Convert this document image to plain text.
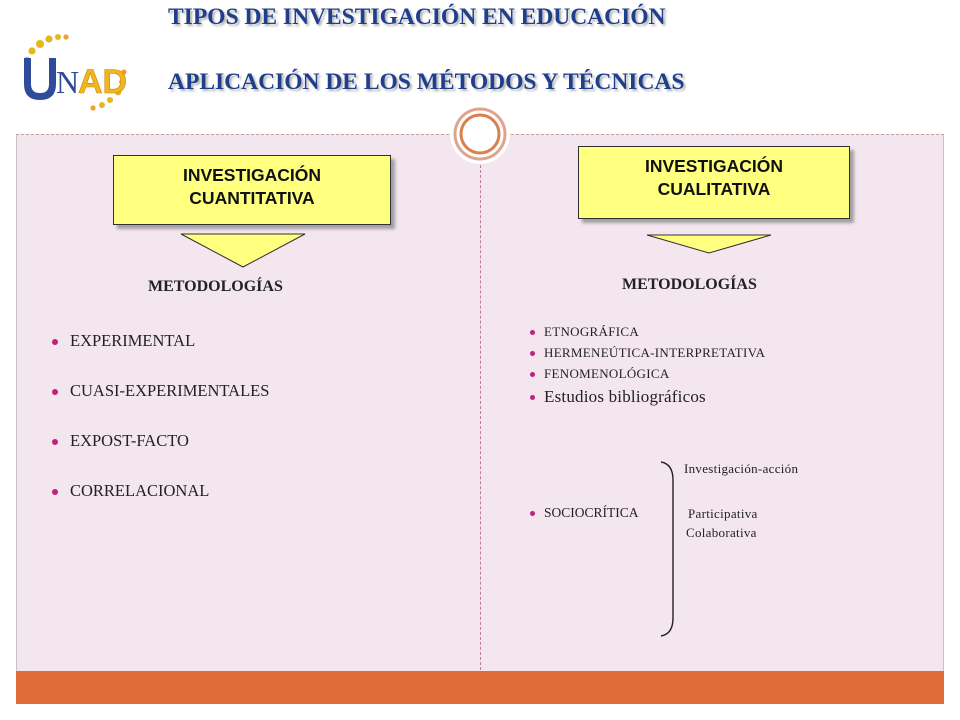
N
AD
TIPOS DE INVESTIGACIÓN EN EDUCACIÓN
APLICACIÓN DE LOS MÉTODOS Y TÉCNICAS
INVESTIGACIÓN
CUANTITATIVA
METODOLOGÍAS
EXPERIMENTAL
CUASI-EXPERIMENTALES
EXPOST-FACTO
CORRELACIONAL
INVESTIGACIÓN
CUALITATIVA
METODOLOGÍAS
ETNOGRÁFICA
HERMENEÚTICA-INTERPRETATIVA
FENOMENOLÓGICA
Estudios bibliográficos
SOCIOCRÍTICA
Investigación-acción
Participativa
Colaborativa
